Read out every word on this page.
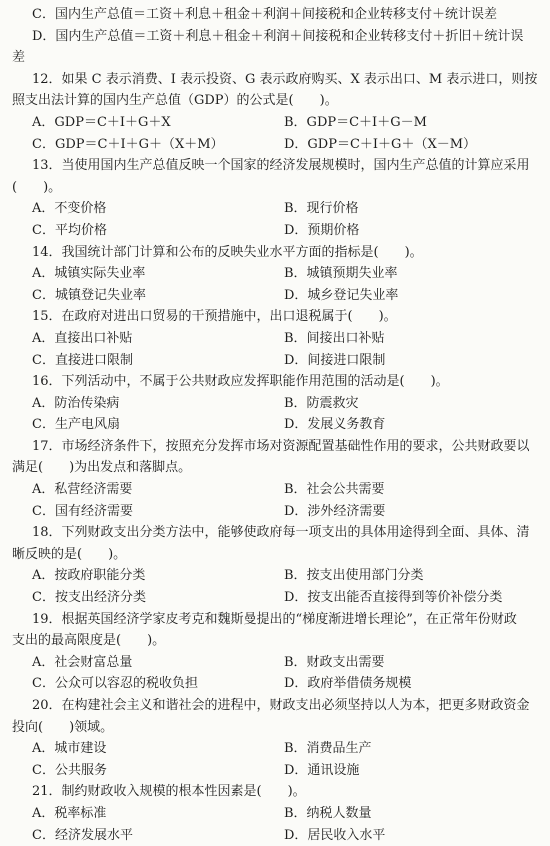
C．国内生产总值＝工资＋利息＋租金＋利润＋间接税和企业转移支付＋统计误差
D．国内生产总值＝工资＋利息＋租金＋利润＋间接税和企业转移支付＋折旧＋统计误
差
12．如果 C 表示消费、I 表示投资、G 表示政府购买、X 表示出口、M 表示进口，则按
照支出法计算的国内生产总值（GDP）的公式是(　　)。
A．GDP＝C＋I＋G＋X	B．GDP＝C＋I＋G－M
C．GDP＝C＋I＋G＋（X＋M）	D．GDP＝C＋I＋G＋（X－M）
13．当使用国内生产总值反映一个国家的经济发展规模时，国内生产总值的计算应采用
(　　)。
A．不变价格	B．现行价格
C．平均价格	D．预期价格
14．我国统计部门计算和公布的反映失业水平方面的指标是(　　)。
A．城镇实际失业率	B．城镇预期失业率
C．城镇登记失业率	D．城乡登记失业率
15．在政府对进出口贸易的干预措施中，出口退税属于(　　)。
A．直接出口补贴	B．间接出口补贴
C．直接进口限制	D．间接进口限制
16．下列活动中，不属于公共财政应发挥职能作用范围的活动是(　　)。
A．防治传染病	B．防震救灾
C．生产电风扇	D．发展义务教育
17．市场经济条件下，按照充分发挥市场对资源配置基础性作用的要求，公共财政要以
满足(　　)为出发点和落脚点。
A．私营经济需要	B．社会公共需要
C．国有经济需要	D．涉外经济需要
18．下列财政支出分类方法中，能够使政府每一项支出的具体用途得到全面、具体、清
晰反映的是(　　)。
A．按政府职能分类	B．按支出使用部门分类
C．按支出经济分类	D．按支出能否直接得到等价补偿分类
19．根据英国经济学家皮考克和魏斯曼提出的“梯度渐进增长理论”，在正常年份财政
支出的最高限度是(　　)。
A．社会财富总量	B．财政支出需要
C．公众可以容忍的税收负担	D．政府举借债务规模
20．在构建社会主义和谐社会的进程中，财政支出必须坚持以人为本，把更多财政资金
投向(　　)领域。
A．城市建设	B．消费品生产
C．公共服务	D．通讯设施
21．制约财政收入规模的根本性因素是(　　)。
A．税率标准	B．纳税人数量
C．经济发展水平	D．居民收入水平
